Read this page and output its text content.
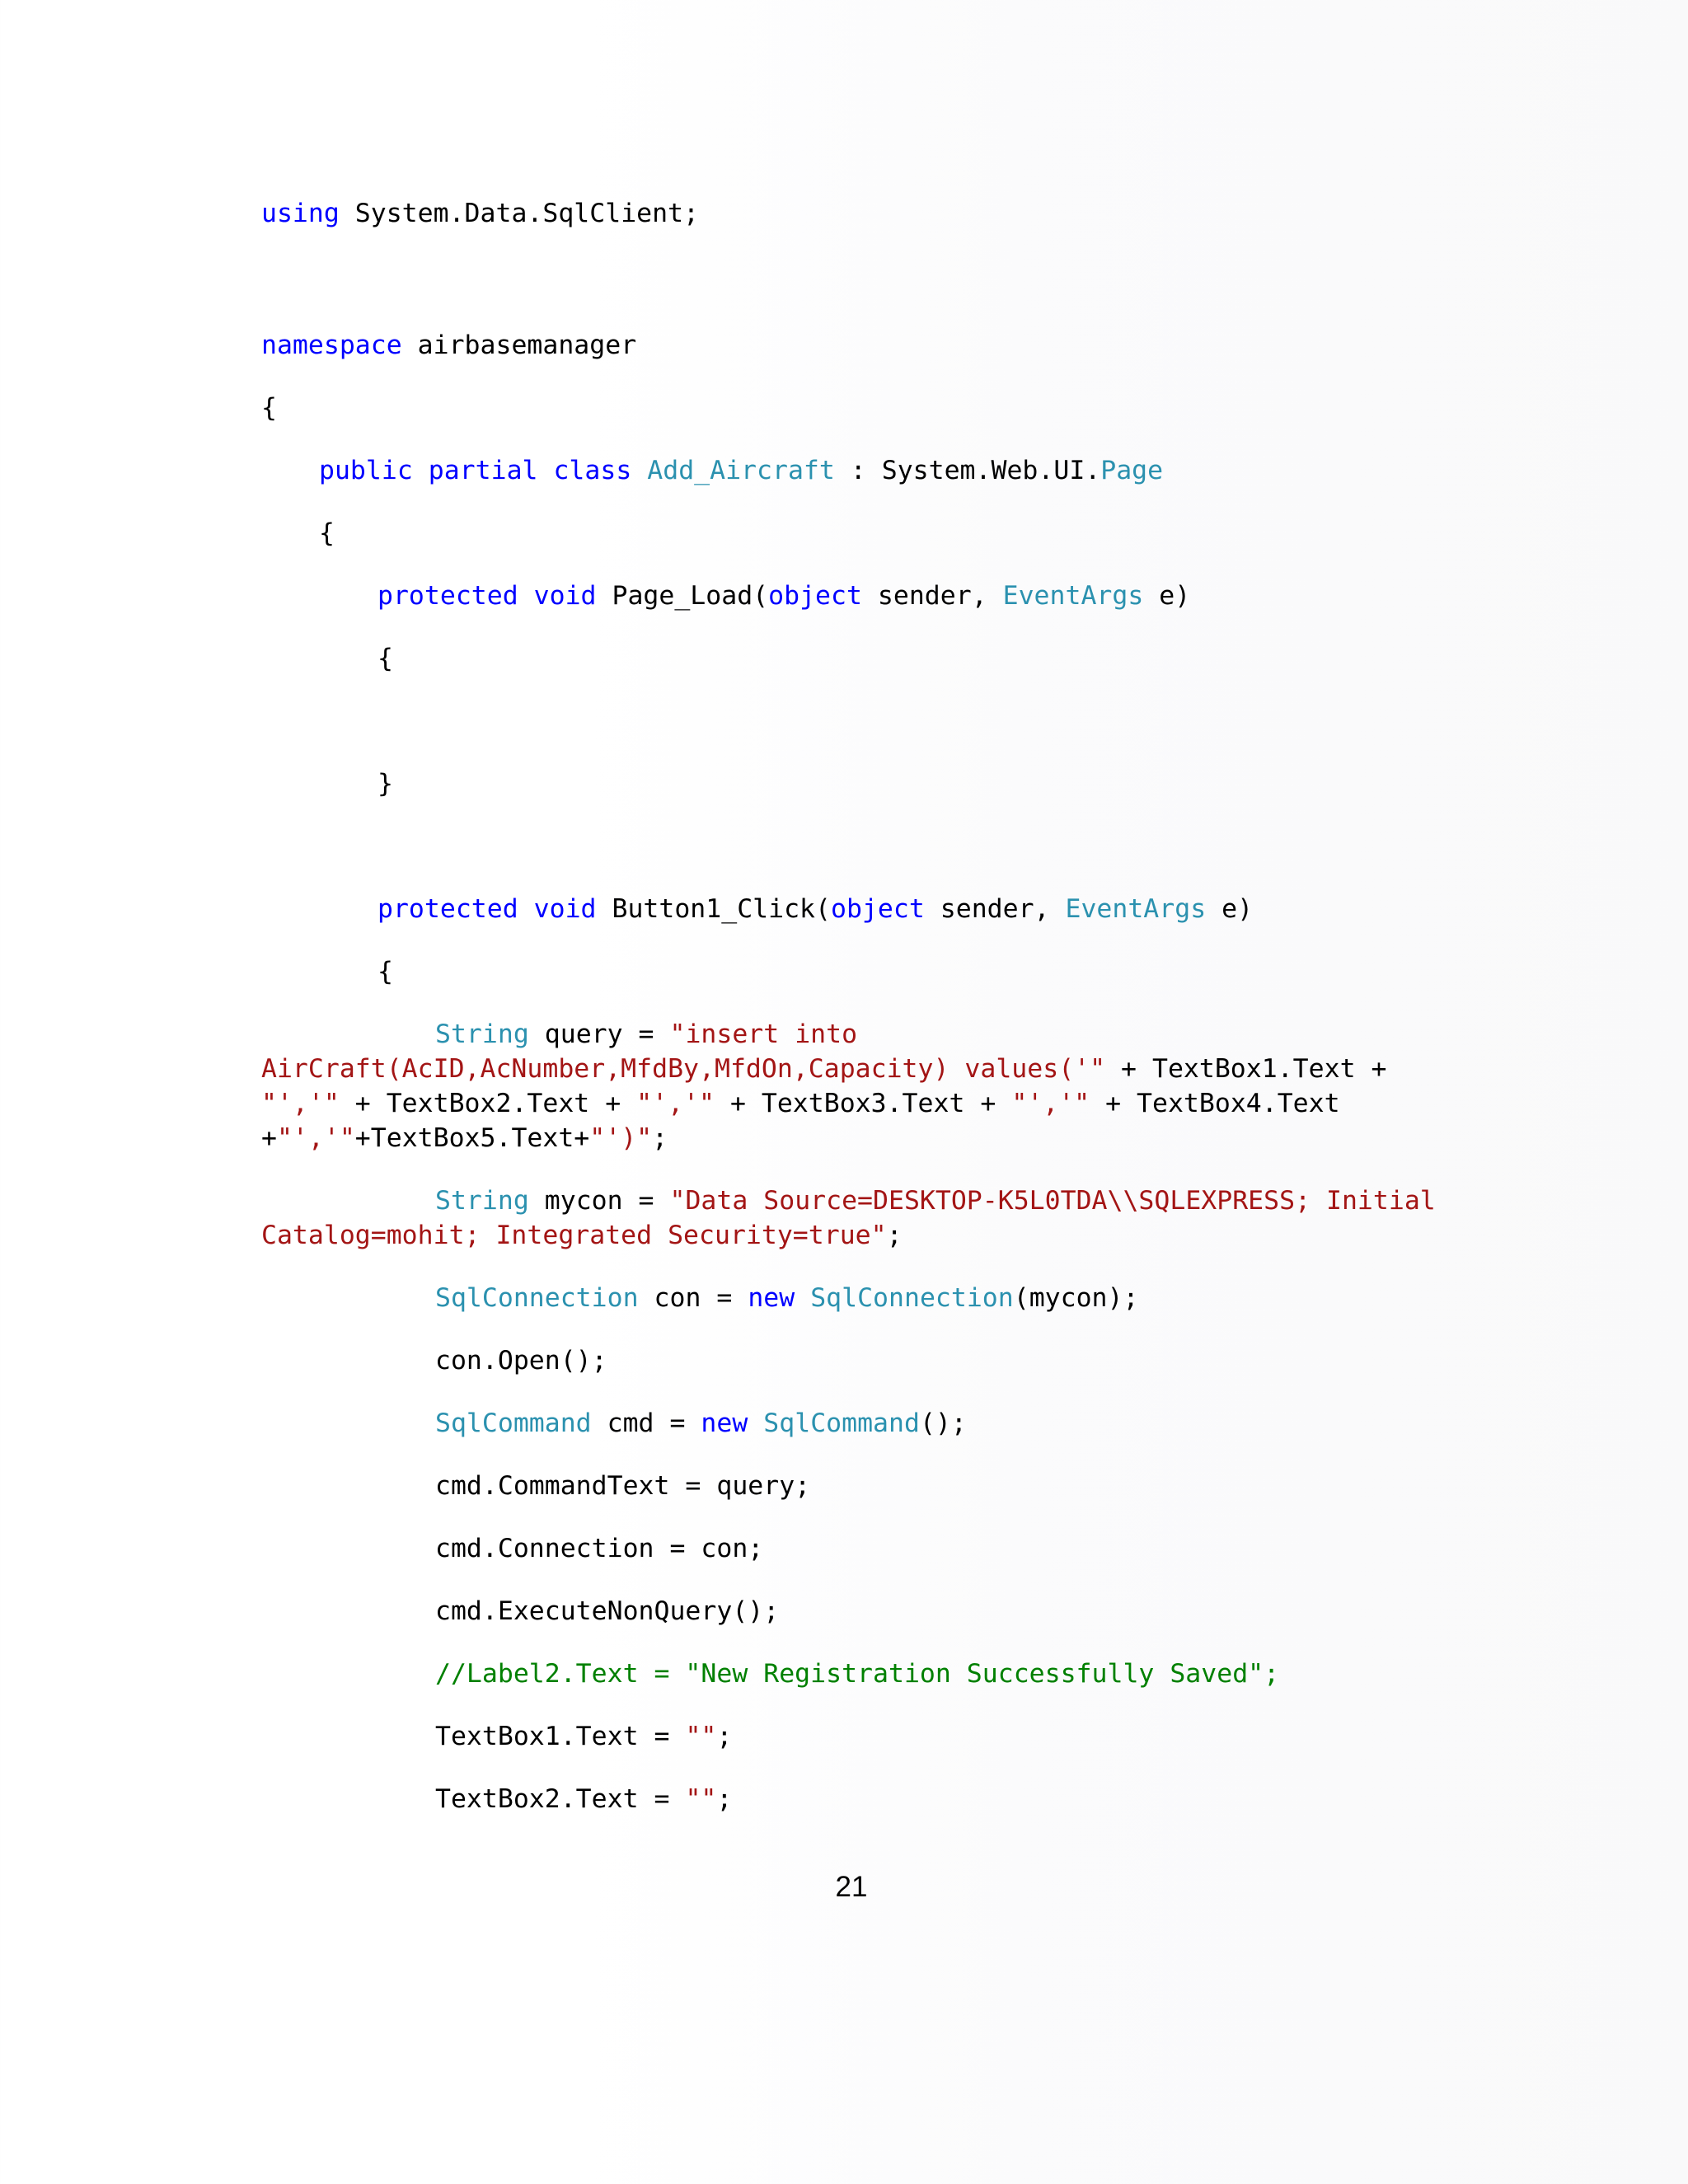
using System.Data.SqlClient;
namespace airbasemanager
{
public partial class Add_Aircraft : System.Web.UI.Page
{
protected void Page_Load(object sender, EventArgs e)
{
}
protected void Button1_Click(object sender, EventArgs e)
{
String query = "insert into AirCraft(AcID,AcNumber,MfdBy,MfdOn,Capacity) values('" + TextBox1.Text + "','" + TextBox2.Text + "','" + TextBox3.Text + "','" + TextBox4.Text +"','"+TextBox5.Text+"')";
String mycon = "Data Source=DESKTOP-K5L0TDA\\SQLEXPRESS; Initial Catalog=mohit; Integrated Security=true";
SqlConnection con = new SqlConnection(mycon);
con.Open();
SqlCommand cmd = new SqlCommand();
cmd.CommandText = query;
cmd.Connection = con;
cmd.ExecuteNonQuery();
//Label2.Text = "New Registration Successfully Saved";
TextBox1.Text = "";
TextBox2.Text = "";
21
